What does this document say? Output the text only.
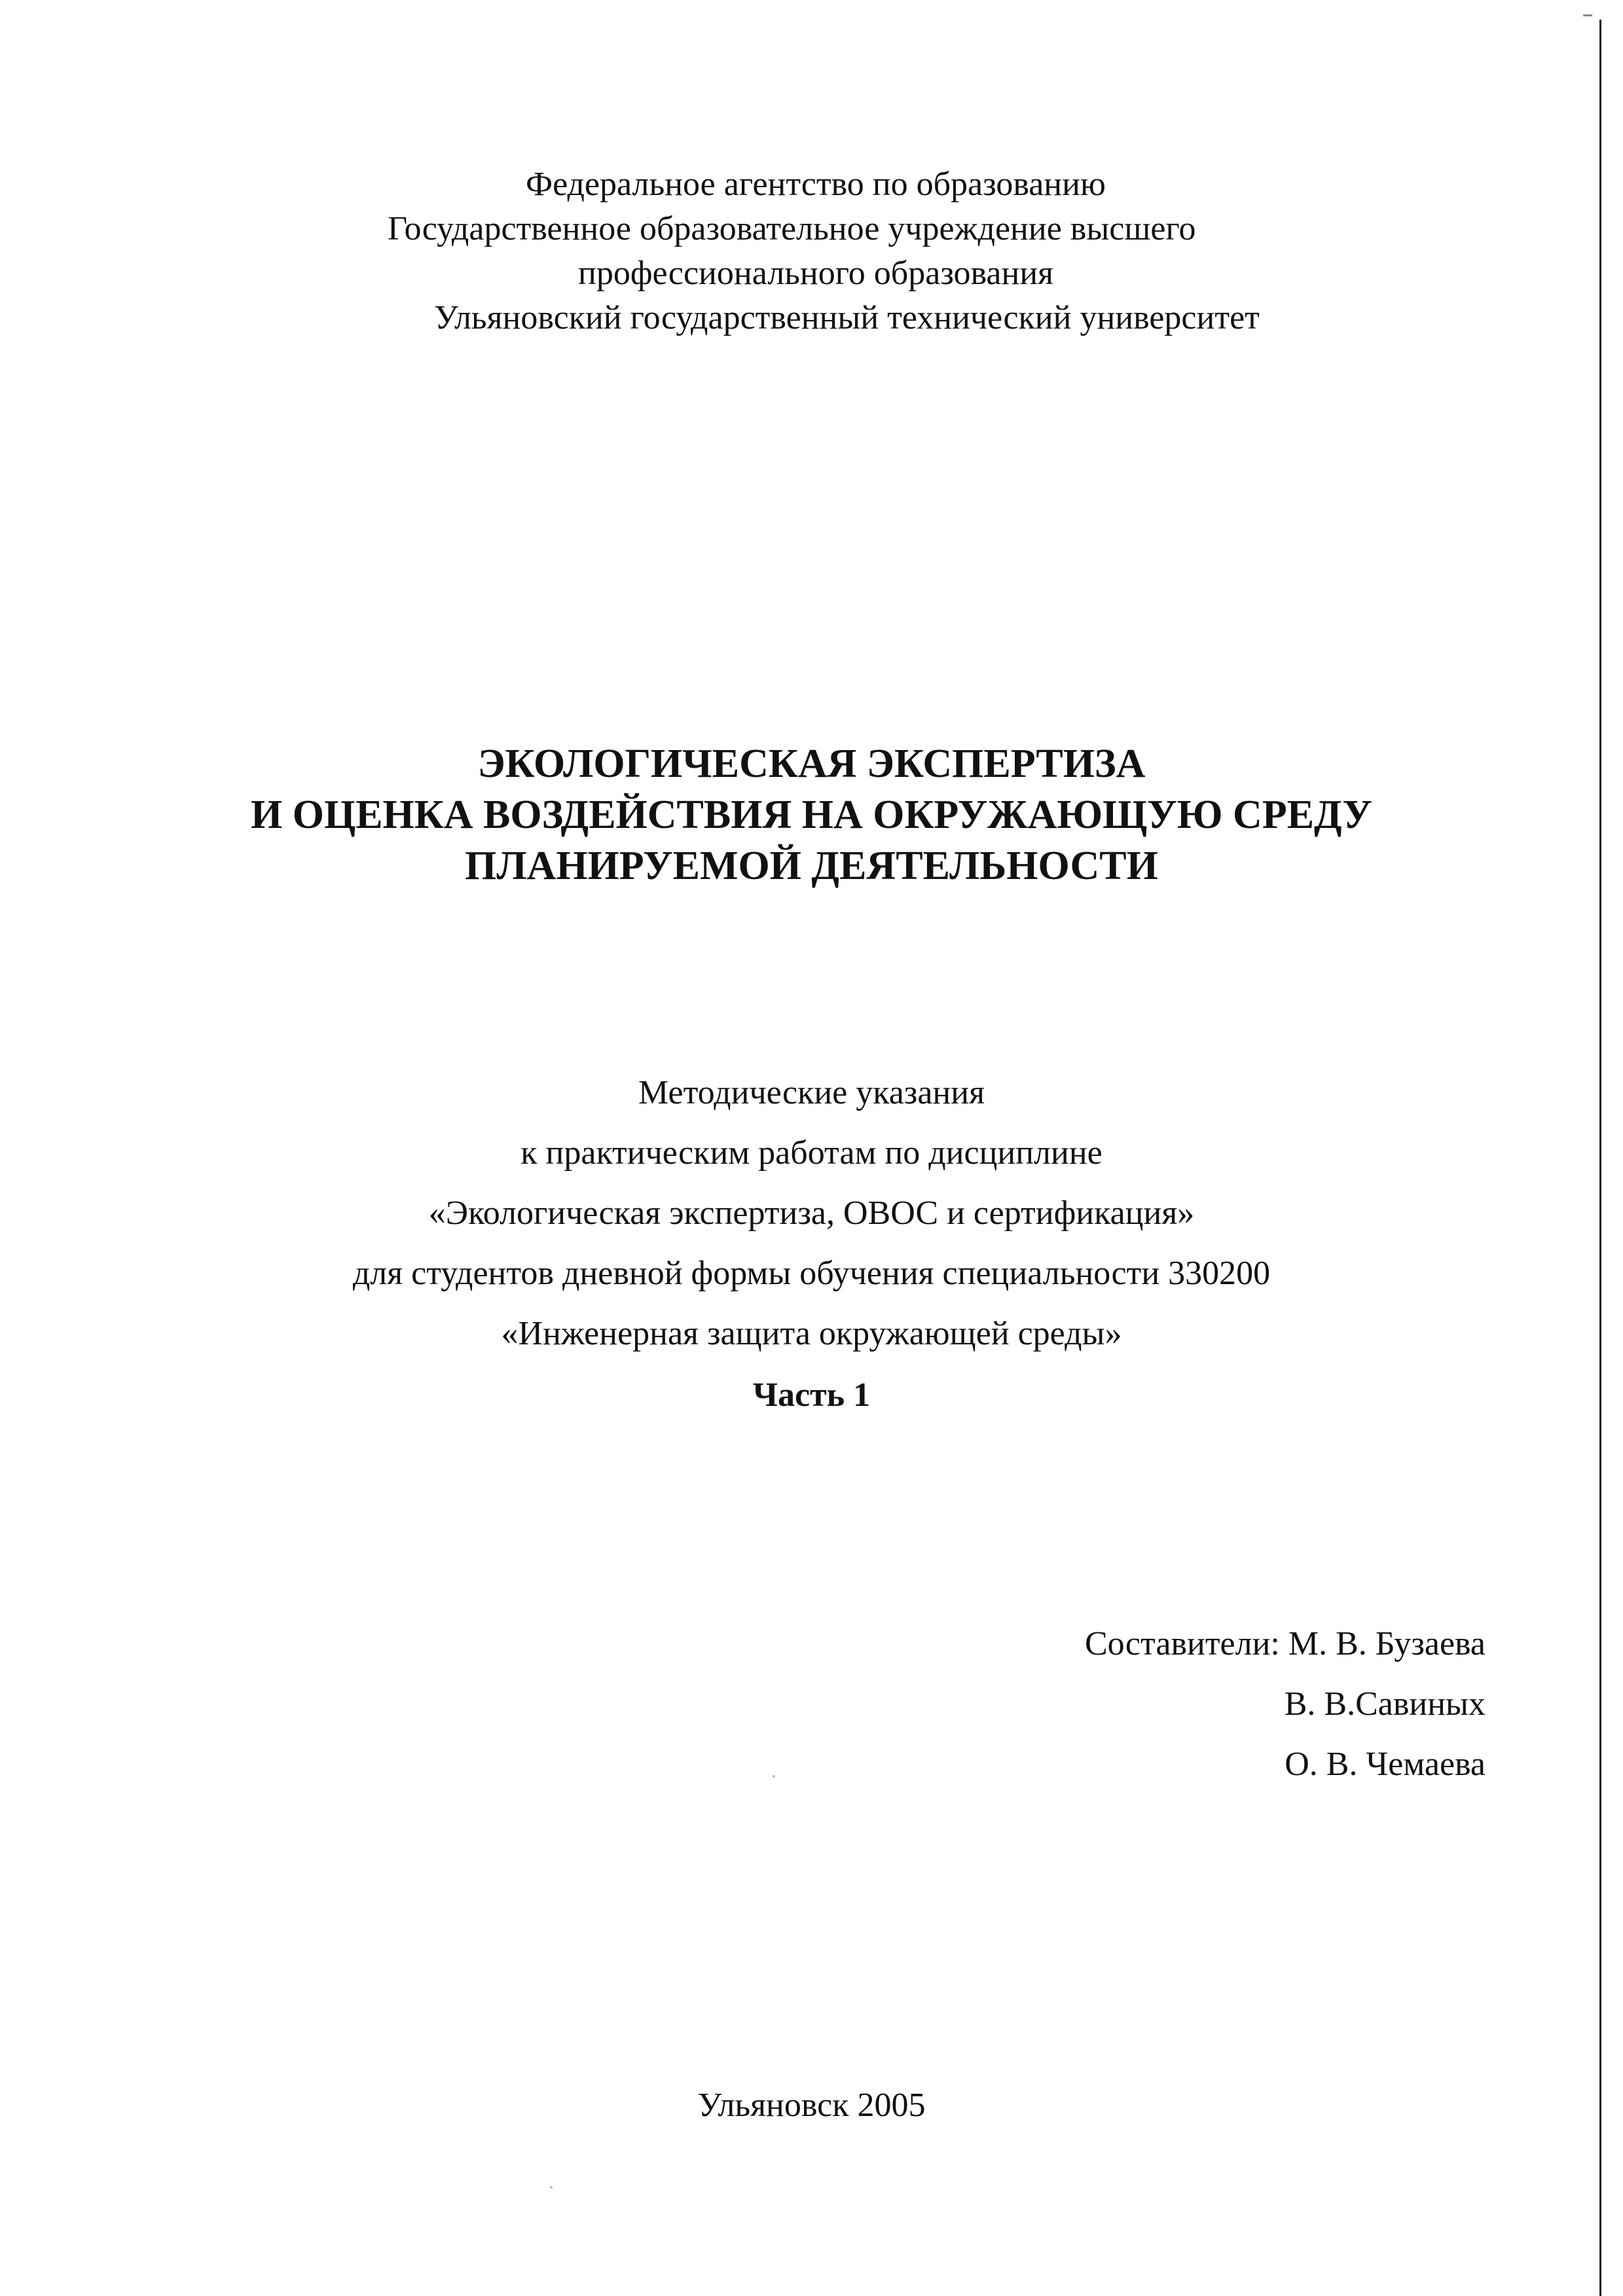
Федеральное агентство по образованию
Государственное образовательное учреждение высшего
профессионального образования
Ульяновский государственный технический университет
ЭКОЛОГИЧЕСКАЯ ЭКСПЕРТИЗА
И ОЦЕНКА ВОЗДЕЙСТВИЯ НА ОКРУЖАЮЩУЮ СРЕДУ
ПЛАНИРУЕМОЙ ДЕЯТЕЛЬНОСТИ
Методические указания
к практическим работам по дисциплине
«Экологическая экспертиза, ОВОС и сертификация»
для студентов дневной формы обучения специальности 330200
«Инженерная защита окружающей среды»
Часть 1
Составители: М. В. Бузаева
В. В.Савиных
О. В. Чемаева
Ульяновск 2005
